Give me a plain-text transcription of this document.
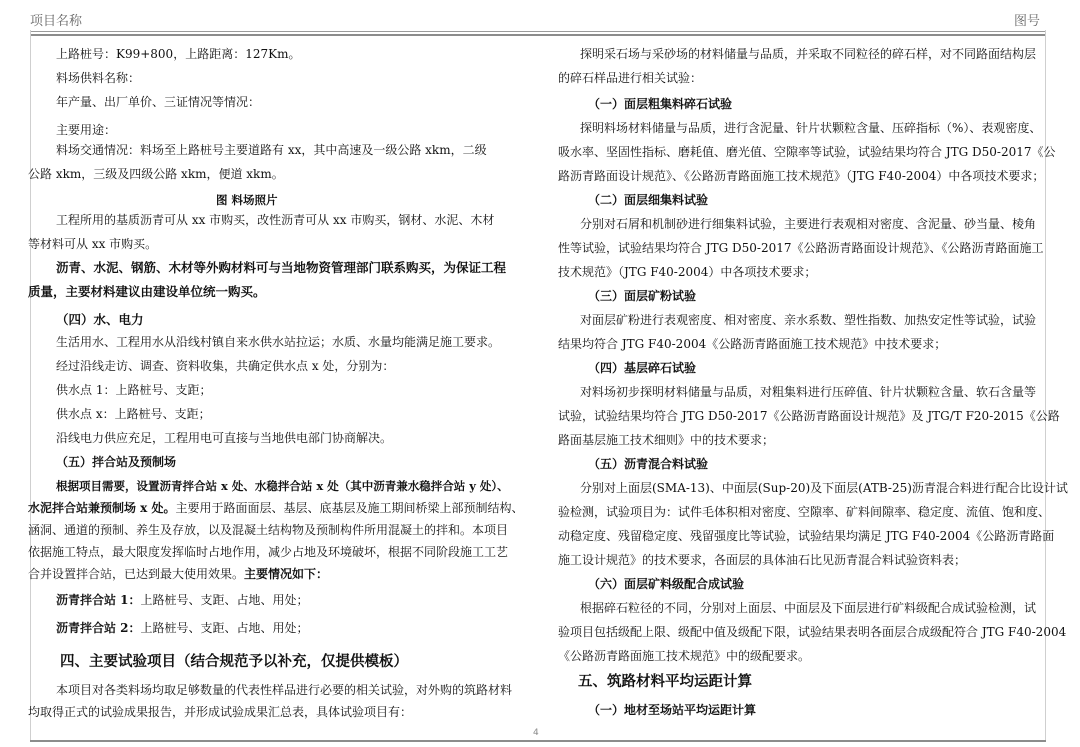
项目名称	图号
上路桩号：K99+800，上路距离：127Km。
料场供料名称：
年产量、出厂单价、三证情况等情况：
主要用途：
料场交通情况：料场至上路桩号主要道路有 xx，其中高速及一级公路 xkm，二级
公路 xkm，三级及四级公路 xkm，便道 xkm。
图 料场照片
工程所用的基质沥青可从 xx 市购买，改性沥青可从 xx 市购买，钢材、水泥、木材
等材料可从 xx 市购买。
沥青、水泥、钢筋、木材等外购材料可与当地物资管理部门联系购买，为保证工程
质量，主要材料建议由建设单位统一购买。
（四）水、电力
生活用水、工程用水从沿线村镇自来水供水站拉运；水质、水量均能满足施工要求。
经过沿线走访、调查、资料收集，共确定供水点 x 处，分别为：
供水点 1：上路桩号、支距；
供水点 x：上路桩号、支距；
沿线电力供应充足，工程用电可直接与当地供电部门协商解决。
（五）拌合站及预制场
根据项目需要，设置沥青拌合站 x 处、水稳拌合站 x 处（其中沥青兼水稳拌合站 y 处）、
水泥拌合站兼预制场 x 处。主要用于路面面层、基层、底基层及施工期间桥梁上部预制结构、
涵洞、通道的预制、养生及存放，以及混凝土结构物及预制构件所用混凝土的拌和。本项目
依据施工特点，最大限度发挥临时占地作用，减少占地及环境破坏，根据不同阶段施工工艺
合并设置拌合站，已达到最大使用效果。主要情况如下：
沥青拌合站 1：上路桩号、支距、占地、用处；
沥青拌合站 2：上路桩号、支距、占地、用处；
四、主要试验项目（结合规范予以补充，仅提供模板）
本项目对各类料场均取足够数量的代表性样品进行必要的相关试验，对外购的筑路材料
均取得正式的试验成果报告，并形成试验成果汇总表，具体试验项目有：
探明采石场与采砂场的材料储量与品质，并采取不同粒径的碎石样，对不同路面结构层
的碎石样品进行相关试验：
（一）面层粗集料碎石试验
探明料场材料储量与品质，进行含泥量、针片状颗粒含量、压碎指标（%）、表观密度、
吸水率、坚固性指标、磨耗值、磨光值、空隙率等试验，试验结果均符合 JTG D50-2017《公
路沥青路面设计规范》、《公路沥青路面施工技术规范》（JTG F40-2004）中各项技术要求；
（二）面层细集料试验
分别对石屑和机制砂进行细集料试验，主要进行表观相对密度、含泥量、砂当量、棱角
性等试验，试验结果均符合 JTG D50-2017《公路沥青路面设计规范》、《公路沥青路面施工
技术规范》（JTG F40-2004）中各项技术要求；
（三）面层矿粉试验
对面层矿粉进行表观密度、相对密度、亲水系数、塑性指数、加热安定性等试验，试验
结果均符合 JTG F40-2004《公路沥青路面施工技术规范》中技术要求；
（四）基层碎石试验
对料场初步探明材料储量与品质，对粗集料进行压碎值、针片状颗粒含量、软石含量等
试验，试验结果均符合 JTG D50-2017《公路沥青路面设计规范》及 JTG/T F20-2015《公路
路面基层施工技术细则》中的技术要求；
（五）沥青混合料试验
分别对上面层(SMA-13)、中面层(Sup-20)及下面层(ATB-25)沥青混合料进行配合比设计试
验检测，试验项目为：试件毛体积相对密度、空隙率、矿料间隙率、稳定度、流值、饱和度、
动稳定度、残留稳定度、残留强度比等试验，试验结果均满足 JTG F40-2004《公路沥青路面
施工设计规范》的技术要求，各面层的具体油石比见沥青混合料试验资料表；
（六）面层矿料级配合成试验
根据碎石粒径的不同，分别对上面层、中面层及下面层进行矿料级配合成试验检测，试
验项目包括级配上限、级配中值及级配下限，试验结果表明各面层合成级配符合 JTG F40-2004
《公路沥青路面施工技术规范》中的级配要求。
五、筑路材料平均运距计算
（一）地材至场站平均运距计算
4
